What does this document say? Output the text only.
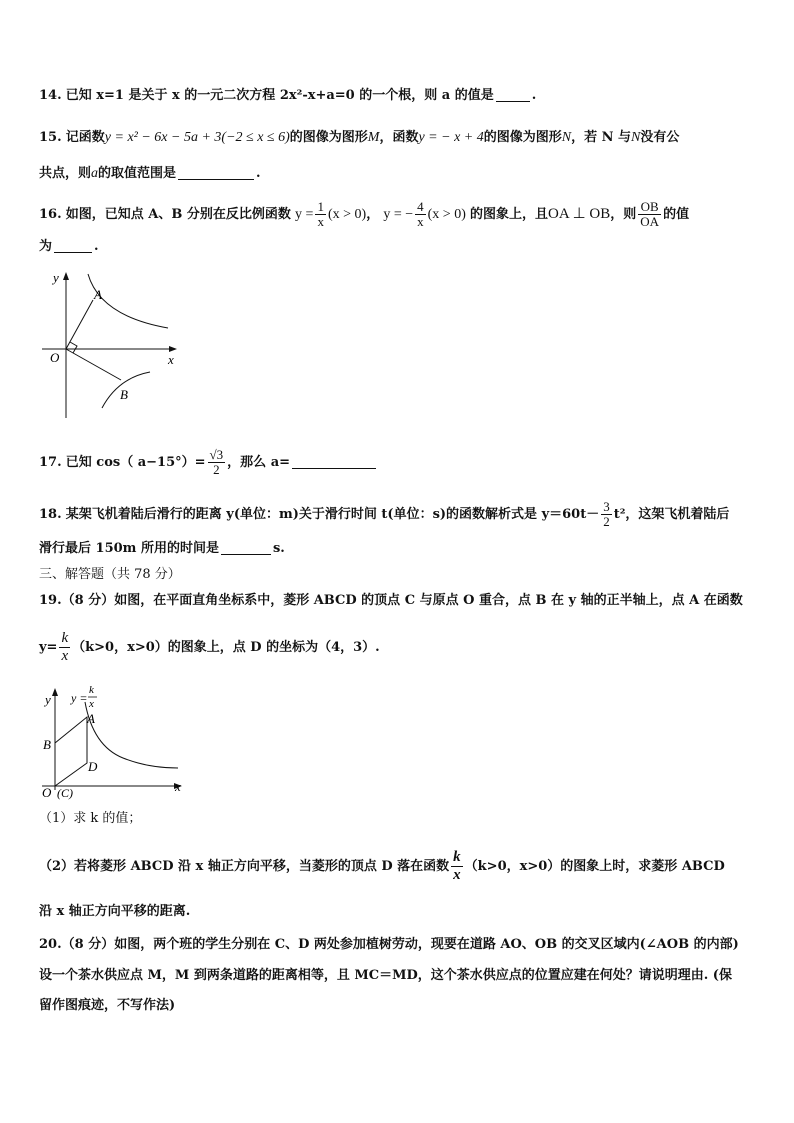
14. 已知 x=1 是关于 x 的一元二次方程 2x²-x+a=0 的一个根，则 a 的值是	.
15. 记函数y = x² − 6x − 5a + 3(−2 ≤ x ≤ 6)的图像为图形M，函数y = − x + 4的图像为图形N，若 N 与N没有公
共点，则a的取值范围是	.
16. 如图，已知点 A、B 分别在反比例函数 $y = \frac{1}{x} (x > 0)$， y = − $\frac{4}{x} (x > 0)$ 的图象上，且OA ⊥ OB，则 $\frac{OB}{OA}$ 的值
为	.
y
x
O
A
B
17. 已知 cos（ $a-15^\circ)= \frac{√3}{2}$ ，那么 a=
18. 某架飞机着陆后滑行的距离 y(单位：m)关于滑行时间 t(单位：s)的函数解析式是 $y=60t- \frac{3}{2} t^2$，这架飞机着陆后
滑行最后 150m 所用的时间是	s.
三、解答题（共 78 分）
19.（8 分）如图，在平面直角坐标系中，菱形 ABCD 的顶点 C 与原点 O 重合，点 B 在 y 轴的正半轴上，点 A 在函数
$y= \frac{k}{x} (k>0$，x>0）的图象上，点 D 的坐标为（4，3）.
y
x
O (C)
y =
k
x
B
A
D
（1）求 k 的值；
（2）若将菱形 ABCD 沿 x 轴正方向平移，当菱形的顶点 D 落在函数 $\frac{k}{x} (k>0$，x>0）的图象上时，求菱形 ABCD
沿 x 轴正方向平移的距离.
20.（8 分）如图，两个班的学生分别在 C、D 两处参加植树劳动，现要在道路 AO、OB 的交叉区域内(∠AOB 的内部)
设一个茶水供应点 M，M 到两条道路的距离相等，且 MC＝MD，这个茶水供应点的位置应建在何处？请说明理由. (保
留作图痕迹，不写作法)
